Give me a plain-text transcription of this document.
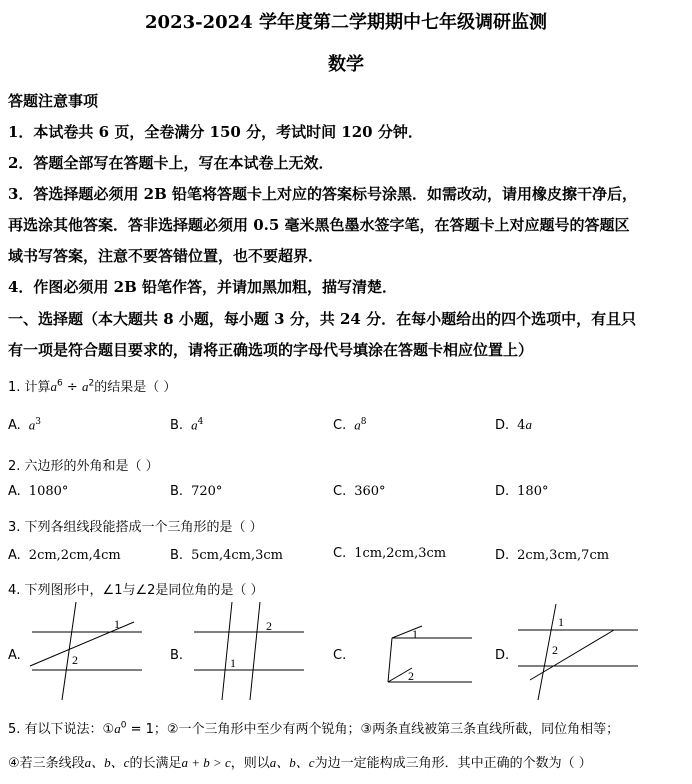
2023-2024 学年度第二学期期中七年级调研监测
数学
答题注意事项
1．本试卷共 6 页，全卷满分 150 分，考试时间 120 分钟．
2．答题全部写在答题卡上，写在本试卷上无效．
3．答选择题必须用 2B 铅笔将答题卡上对应的答案标号涂黑．如需改动，请用橡皮擦干净后，
再选涂其他答案．答非选择题必须用 0.5 毫米黑色墨水签字笔，在答题卡上对应题号的答题区
域书写答案，注意不要答错位置，也不要超界．
4．作图必须用 2B 铅笔作答，并请加黑加粗，描写清楚．
一、选择题（本大题共 8 小题，每小题 3 分，共 24 分．在每小题给出的四个选项中，有且只
有一项是符合题目要求的，请将正确选项的字母代号填涂在答题卡相应位置上）
1. 计算$a^6 \div a^2$的结果是（ ）
A. $a^3$	B. $a^4$	C. $a^8$	D. 4a
2. 六边形的外角和是（ ）
A. 1080°	B. 720°	C. 360°	D. 180°
3. 下列各组线段能搭成一个三角形的是（ ）
A. 2cm,2cm,4cm	B. 5cm,4cm,3cm	C. 1cm,2cm,3cm	D. 2cm,3cm,7cm
4. 下列图形中，∠1与∠2是同位角的是（ ）
A.
1
2	B.
2
1	C.
1
2
D.
1
2
5. 有以下说法：$①a^0 = 1$；②一个三角形中至少有两个锐角；③两条直线被第三条直线所截，同位角相等；
④若三条线段a、b、c的长满足a + b > c，则以a、b、c为边一定能构成三角形．其中正确的个数为（ ）
